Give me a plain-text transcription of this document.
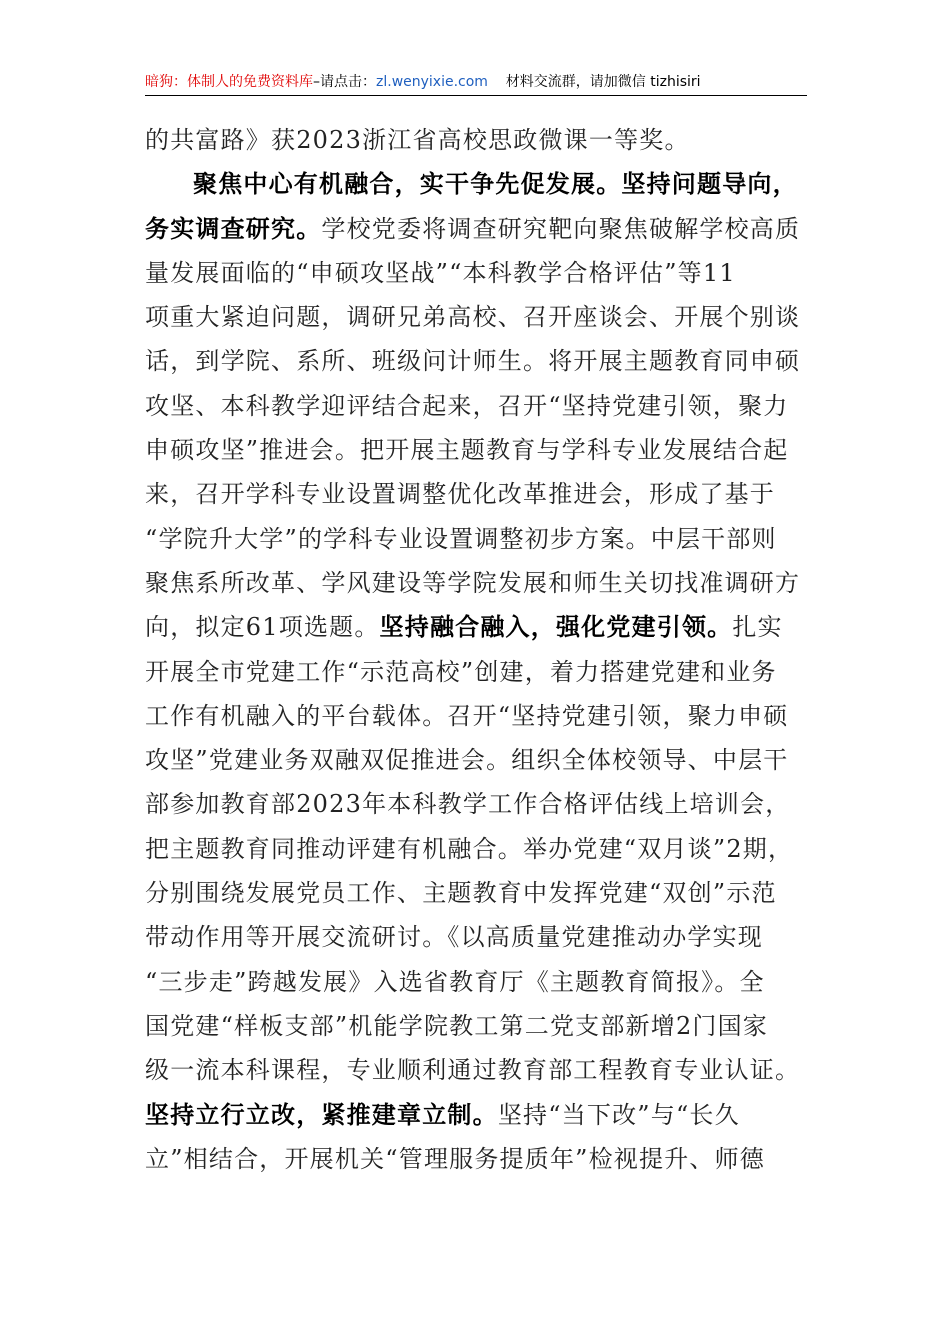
暗狗：体制人的免费资料库–请点击：zl.wenyixie.com 材料交流群，请加微信 tizhisiri
的共富路》获2023浙江省高校思政微课一等奖。
聚焦中心有机融合，实干争先促发展。坚持问题导向，
务实调查研究。学校党委将调查研究靶向聚焦破解学校高质
量发展面临的“申硕攻坚战”“本科教学合格评估”等11
项重大紧迫问题，调研兄弟高校、召开座谈会、开展个别谈
话，到学院、系所、班级问计师生。将开展主题教育同申硕
攻坚、本科教学迎评结合起来，召开“坚持党建引领，聚力
申硕攻坚”推进会。把开展主题教育与学科专业发展结合起
来，召开学科专业设置调整优化改革推进会，形成了基于
“学院升大学”的学科专业设置调整初步方案。中层干部则
聚焦系所改革、学风建设等学院发展和师生关切找准调研方
向，拟定61项选题。坚持融合融入，强化党建引领。扎实
开展全市党建工作“示范高校”创建，着力搭建党建和业务
工作有机融入的平台载体。召开“坚持党建引领，聚力申硕
攻坚”党建业务双融双促推进会。组织全体校领导、中层干
部参加教育部2023年本科教学工作合格评估线上培训会，
把主题教育同推动评建有机融合。举办党建“双月谈”2期，
分别围绕发展党员工作、主题教育中发挥党建“双创”示范
带动作用等开展交流研讨。《以高质量党建推动办学实现
“三步走”跨越发展》入选省教育厅《主题教育简报》。全
国党建“样板支部”机能学院教工第二党支部新增2门国家
级一流本科课程，专业顺利通过教育部工程教育专业认证。
坚持立行立改，紧推建章立制。坚持“当下改”与“长久
立”相结合，开展机关“管理服务提质年”检视提升、师德
